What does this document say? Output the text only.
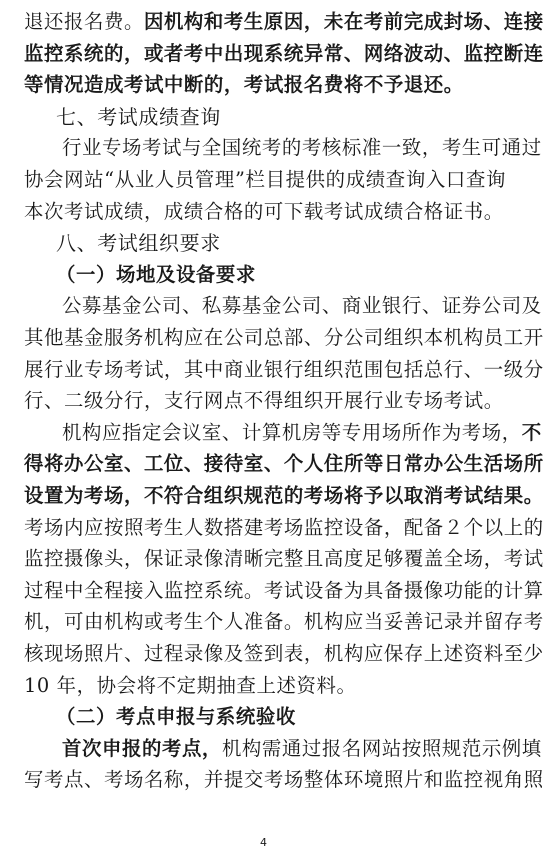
退还报名费。因机构和考生原因，未在考前完成封场、连接
监控系统的，或者考中出现系统异常、网络波动、监控断连
等情况造成考试中断的，考试报名费将不予退还。
七、考试成绩查询
行业专场考试与全国统考的考核标准一致，考生可通过
协会网站“从业人员管理”栏目提供的成绩查询入口查询
本次考试成绩，成绩合格的可下载考试成绩合格证书。
八、考试组织要求
（一）场地及设备要求
公募基金公司、私募基金公司、商业银行、证券公司及
其他基金服务机构应在公司总部、分公司组织本机构员工开
展行业专场考试，其中商业银行组织范围包括总行、一级分
行、二级分行，支行网点不得组织开展行业专场考试。
机构应指定会议室、计算机房等专用场所作为考场，不
得将办公室、工位、接待室、个人住所等日常办公生活场所
设置为考场，不符合组织规范的考场将予以取消考试结果。
考场内应按照考生人数搭建考场监控设备，配备２个以上的
监控摄像头，保证录像清晰完整且高度足够覆盖全场，考试
过程中全程接入监控系统。考试设备为具备摄像功能的计算
机，可由机构或考生个人准备。机构应当妥善记录并留存考
核现场照片、过程录像及签到表，机构应保存上述资料至少
10 年，协会将不定期抽查上述资料。
（二）考点申报与系统验收
首次申报的考点，机构需通过报名网站按照规范示例填
写考点、考场名称，并提交考场整体环境照片和监控视角照
4
